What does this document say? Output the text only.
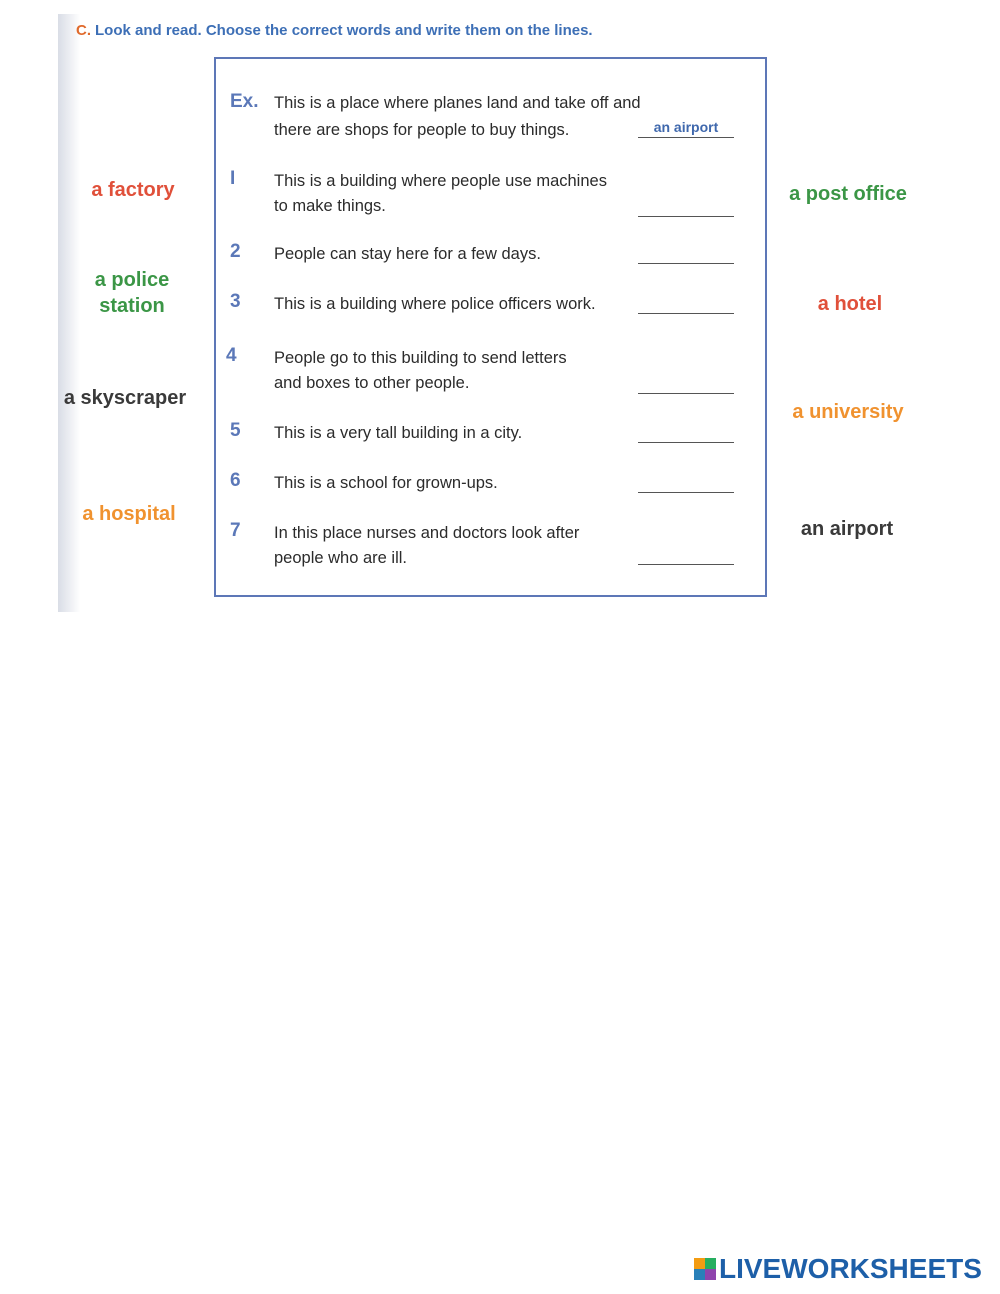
C. Look and read. Choose the correct words and write them on the lines.
a factory
a police
station
a skyscraper
a hospital
a post office
a hotel
a university
an airport
Ex. This is a place where planes land and take off and
there are shops for people to buy things.	an airport
I This is a building where people use machines
to make things.
2 People can stay here for a few days.
3 This is a building where police officers work.
4 People go to this building to send letters
and boxes to other people.
5 This is a very tall building in a city.
6 This is a school for grown-ups.
7 In this place nurses and doctors look after
people who are ill.
LIVEWORKSHEETS
